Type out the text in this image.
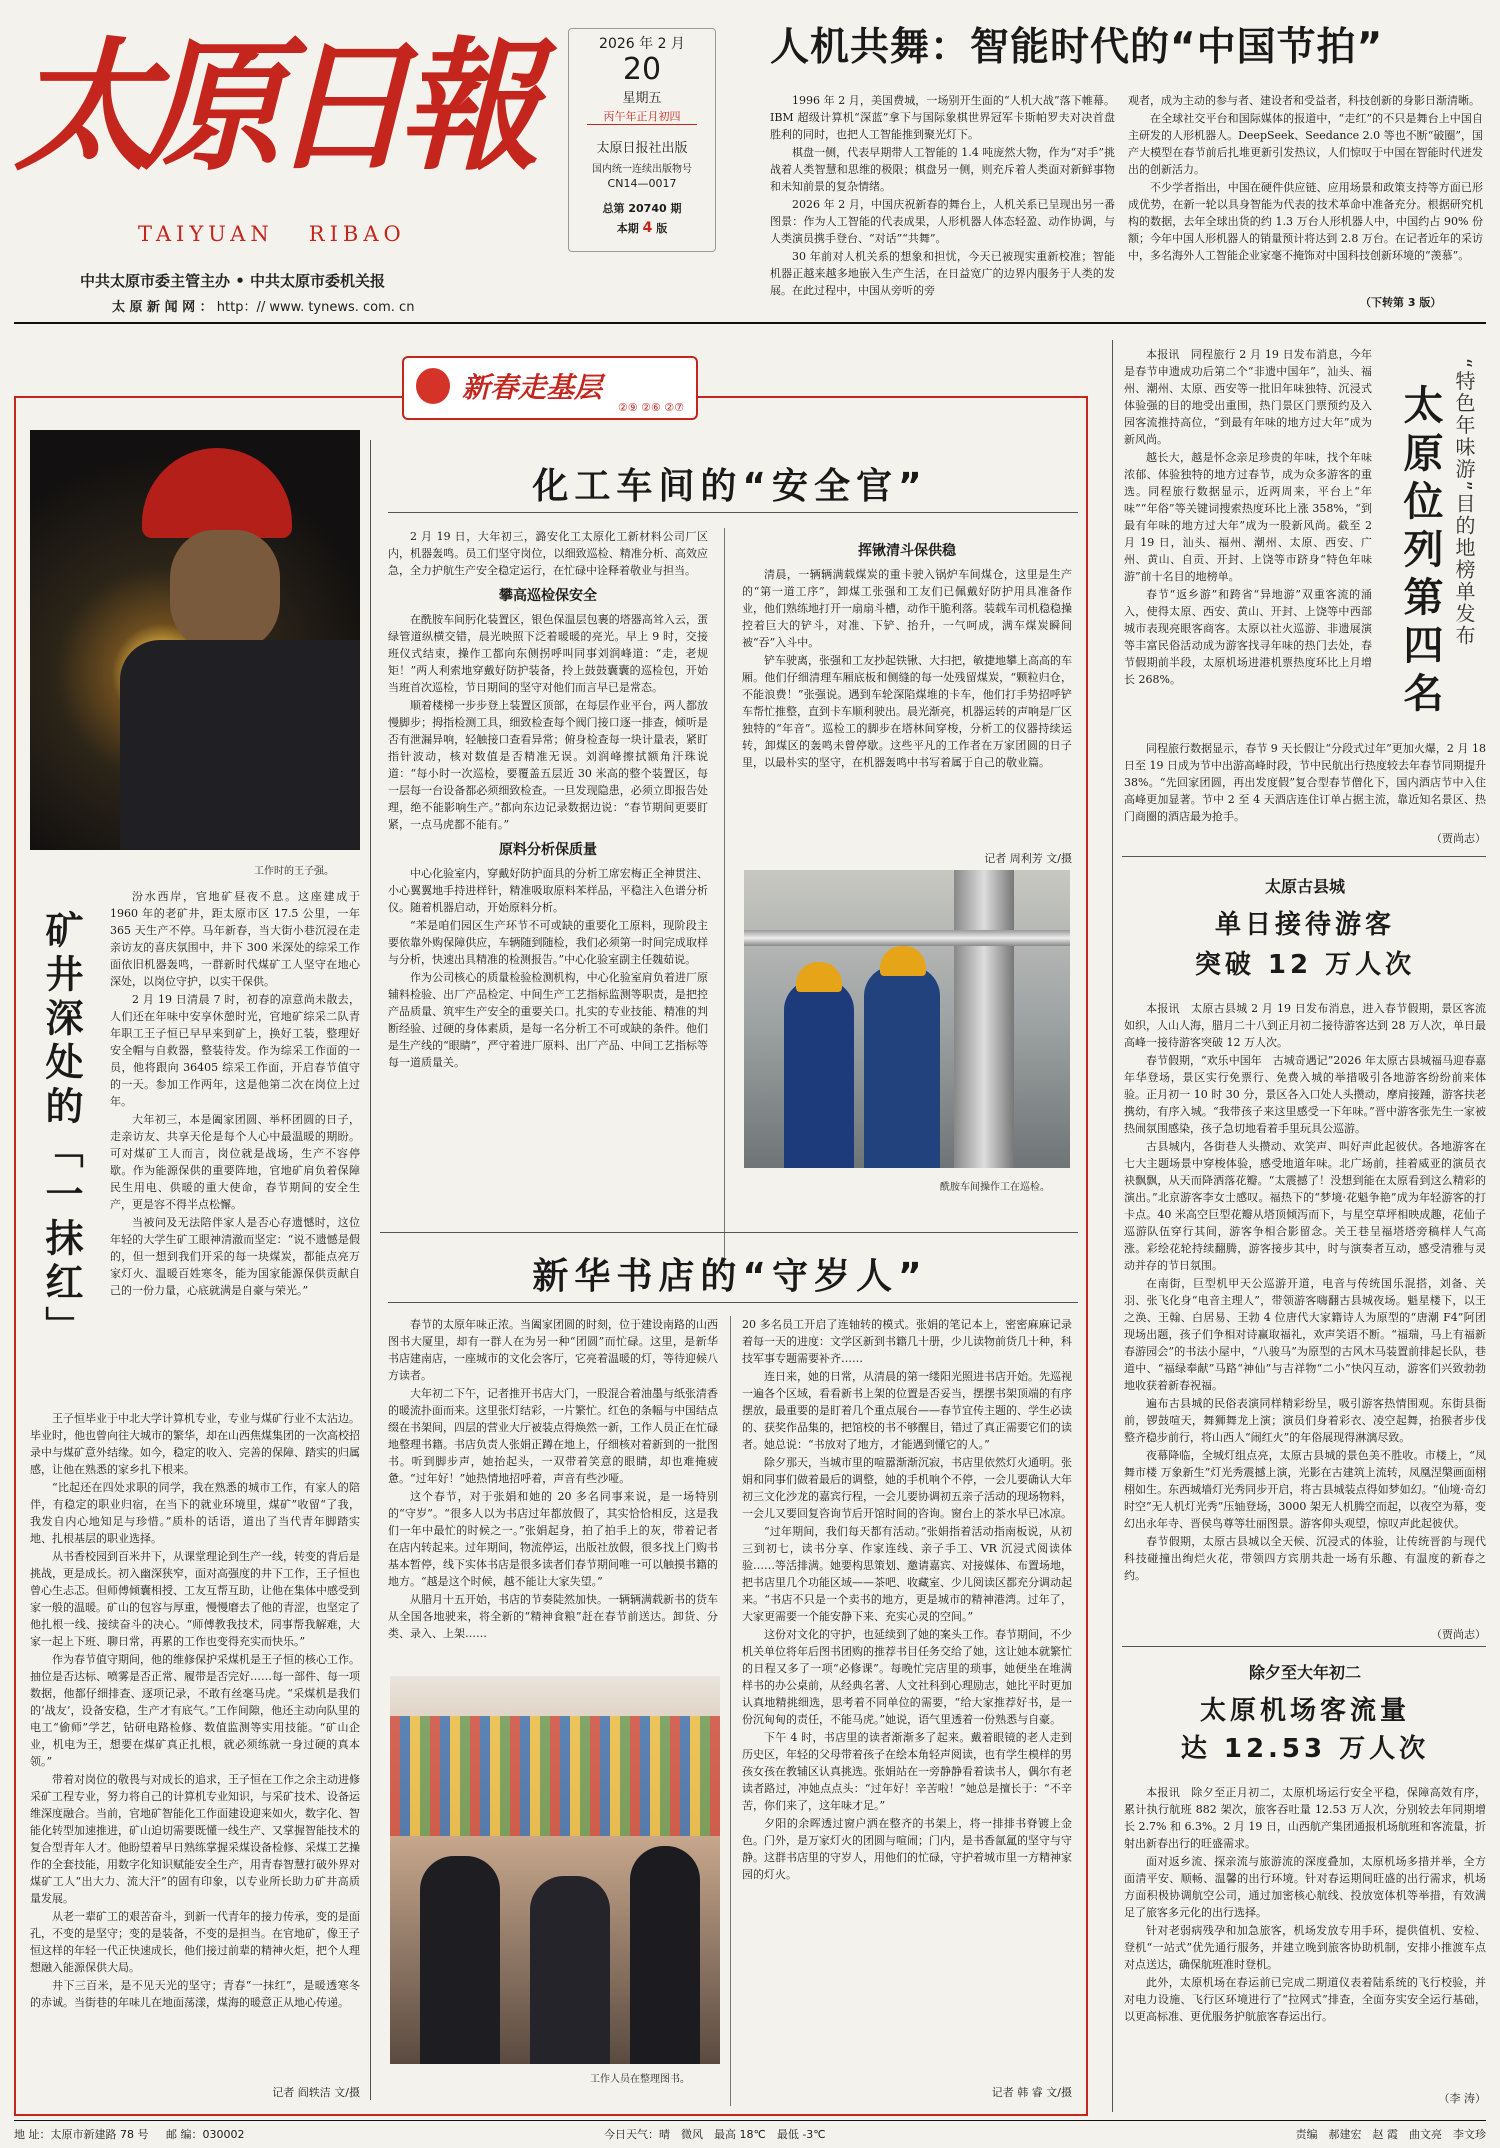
太原日報
TAIYUAN   RIBAO
中共太原市委主管主办 • 中共太原市委机关报
太 原 新 闻 网 ： http：// www. tynews. com. cn
2026 年 2 月
20
星期五
丙午年正月初四
太原日报社出版
国内统一连续出版物号
CN14—0017
总第 20740 期
本期 4 版
人机共舞：智能时代的“中国节拍”

1996 年 2 月，美国费城，一场别开生面的“人机大战”落下帷幕。IBM 超级计算机“深蓝”拿下与国际象棋世界冠军卡斯帕罗夫对决首盘胜利的同时，也把人工智能推到聚光灯下。

棋盘一侧，代表早期带人工智能的 1.4 吨庞然大物，作为“对手”挑战着人类智慧和思维的极限；棋盘另一侧，则充斥着人类面对新鲜事物和未知前景的复杂情绪。

2026 年 2 月，中国庆祝新春的舞台上，人机关系已呈现出另一番图景：作为人工智能的代表成果，人形机器人体态轻盈、动作协调，与人类演员携手登台、“对话”“共舞”。

30 年前对人机关系的想象和担忧，今天已被现实重新校准；智能机器正越来越多地嵌入生产生活，在日益宽广的边界内服务于人类的发展。在此过程中，中国从旁听的旁

观者，成为主动的参与者、建设者和受益者，科技创新的身影日渐清晰。

在全球社交平台和国际媒体的报道中，“走红”的不只是舞台上中国自主研发的人形机器人。DeepSeek、Seedance 2.0 等也不断“破圈”，国产大模型在春节前后扎堆更新引发热议，人们惊叹于中国在智能时代迸发出的创新活力。

不少学者指出，中国在硬件供应链、应用场景和政策支持等方面已形成优势，在新一轮以具身智能为代表的技术革命中准备充分。根据研究机构的数据，去年全球出货的约 1.3 万台人形机器人中，中国约占 90% 份额；今年中国人形机器人的销量预计将达到 2.8 万台。在记者近年的采访中，多名海外人工智能企业家毫不掩饰对中国科技创新环境的“羡慕”。

（下转第 3 版）
新春走基层
②⑨ ②⑥ ②⑦
工作时的王子强。
矿井深处的「一抹红」

汾水西岸，官地矿昼夜不息。这座建成于 1960 年的老矿井，距太原市区 17.5 公里，一年 365 天生产不停。马年新春，当大街小巷沉浸在走亲访友的喜庆氛围中，井下 300 米深处的综采工作面依旧机器轰鸣，一群新时代煤矿工人坚守在地心深处，以岗位守护，以实干保供。

2 月 19 日清晨 7 时，初春的凉意尚未散去，人们还在年味中安享休憩时光，官地矿综采二队青年职工王子恒已早早来到矿上，换好工装，整理好安全帽与自救器，整装待发。作为综采工作面的一员，他将跟向 36405 综采工作面，开启春节值守的一天。参加工作两年，这是他第二次在岗位上过年。

大年初三，本是阖家团圆、举杯团圆的日子，走亲访友、共享天伦是每个人心中最温暖的期盼。可对煤矿工人而言，岗位就是战场，生产不容停歇。作为能源保供的重要阵地，官地矿肩负着保障民生用电、供暖的重大使命，春节期间的安全生产，更是容不得半点松懈。

当被问及无法陪伴家人是否心存遗憾时，这位年轻的大学生矿工眼神清澈而坚定：“说不遗憾是假的，但一想到我们开采的每一块煤炭，都能点亮万家灯火、温暖百姓寒冬，能为国家能源保供贡献自己的一份力量，心底就满是自豪与荣光。”

王子恒毕业于中北大学计算机专业，专业与煤矿行业不太沾边。毕业时，他也曾向往大城市的繁华，却在山西焦煤集团的一次高校招录中与煤矿意外结缘。如今，稳定的收入、完善的保障、踏实的归属感，让他在熟悉的家乡扎下根来。

“比起还在四处求职的同学，我在熟悉的城市工作，有家人的陪伴，有稳定的职业归宿，在当下的就业环境里，煤矿”收留“了我，我发自内心地知足与珍惜。”质朴的话语，道出了当代青年脚踏实地、扎根基层的职业选择。

从书香校园到百米井下，从课堂理论到生产一线，转变的背后是挑战，更是成长。初入幽深狭窄，面对高强度的井下工作，王子恒也曾心生忐忑。但师傅倾囊相授、工友互帮互助，让他在集体中感受到家一般的温暖。矿山的包容与厚重，慢慢磨去了他的青涩，也坚定了他扎根一线、接续奋斗的决心。“师傅教我技术，同事帮我解难，大家一起上下班、聊日常，再累的工作也变得充实而快乐。”

作为春节值守期间，他的维修保护采煤机是王子恒的核心工作。抽位是否达标、喷雾是否正常、履带是否完好……每一部件、每一项数据，他都仔细排查、逐项记录，不敢有丝毫马虎。“采煤机是我们的‘战友’，设备安稳，生产才有底气。”工作间隙，他还主动向队里的电工“偷师”学艺，钻研电路检修、数值监测等实用技能。“矿山企业，机电为王，想要在煤矿真正扎根，就必须练就一身过硬的真本领。”

带着对岗位的敬畏与对成长的追求，王子恒在工作之余主动进修采矿工程专业，努力将自己的计算机专业知识，与采矿技术、设备运维深度融合。当前，官地矿智能化工作面建设迎来如火，数字化、智能化转型加速推进，矿山迫切需要既懂一线生产、又掌握智能技术的复合型青年人才。他盼望着早日熟练掌握采煤设备检修、采煤工艺操作的全套技能，用数字化知识赋能安全生产，用青春智慧打破外界对煤矿工人“出大力、流大汗”的固有印象，以专业所长助力矿井高质量发展。

从老一辈矿工的艰苦奋斗，到新一代青年的接力传承，变的是面孔，不变的是坚守；变的是装备，不变的是担当。在官地矿，像王子恒这样的年轻一代正快速成长，他们接过前辈的精神火炬，把个人理想融入能源保供大局。

井下三百米，是不见天光的坚守；青春“一抹红”，是暖透寒冬的赤诚。当街巷的年味儿在地面荡漾，煤海的暖意正从地心传递。

记者 阎轶洁 文/摄
化工车间的“安全官”

2 月 19 日，大年初三，潞安化工太原化工新材料公司厂区内，机器轰鸣。员工们坚守岗位，以细致巡检、精准分析、高效应急，全力护航生产安全稳定运行，在忙碌中诠释着敬业与担当。

攀高巡检保安全

在酰胺车间肟化装置区，银色保温层包裹的塔器高耸入云，蛋绿管道纵横交错，晨光映照下泛着暖暖的亮光。早上 9 时，交接班仪式结束，操作工都向东侧拐呼叫同事刘润峰道：“走，老规矩！”两人利索地穿戴好防护装备，拎上鼓鼓囊囊的巡检包，开始当班首次巡检，节日期间的坚守对他们而言早已是常态。

顺着楼梯一步步登上装置区顶部，在每层作业平台，两人都放慢脚步；拇指检测工具，细致检查每个阀门接口逐一排查，倾听是否有泄漏异响，轻触接口查看异常；俯身检查每一块计量表，紧盯指针波动，核对数值是否精准无误。刘润峰擦拭额角汗珠说道：“每小时一次巡检，要覆盖五层近 30 米高的整个装置区，每一层每一台设备都必须细致检查。一旦发现隐患，必须立即报告处理，绝不能影响生产。”都向东边记录数据边说：“春节期间更要盯紧，一点马虎都不能有。”

原料分析保质量

中心化验室内，穿戴好防护面具的分析工席宏梅正全神贯注、小心翼翼地手持进样针，精准吸取原料苯样品，平稳注入色谱分析仪。随着机器启动，开始原料分析。

“苯是咱们园区生产环节不可或缺的重要化工原料，现阶段主要依靠外购保障供应，车辆随到随检，我们必须第一时间完成取样与分析，快速出具精准的检测报告。”中心化验室副主任魏茹说。

作为公司核心的质量检验检测机构，中心化验室肩负着进厂原辅料检验、出厂产品检定、中间生产工艺指标监测等职责，是把控产品质量、筑牢生产安全的重要关口。扎实的专业技能、精准的判断经验、过硬的身体素质，是每一名分析工不可或缺的条件。他们是生产线的“眼睛”，严守着进厂原料、出厂产品、中间工艺指标等每一道质量关。

挥锹清斗保供稳

清晨，一辆辆满载煤炭的重卡驶入锅炉车间煤仓，这里是生产的“第一道工序”，卸煤工张强和工友们已佩戴好防护用具准备作业，他们熟练地打开一扇扇斗槽，动作干脆利落。装载车司机稳稳操控着巨大的铲斗，对准、下铲、抬升，一气呵成，满车煤炭瞬间被“吞”入斗中。

铲车驶离，张强和工友抄起铁锹、大扫把，敏捷地攀上高高的车厢。他们仔细清理车厢底板和侧缝的每一处残留煤炭，“颗粒归仓，不能浪费！”张强说。遇到车轮深陷煤堆的卡车，他们打手势招呼铲车帮忙推整，直到卡车顺利驶出。晨光渐亮，机器运转的声响是厂区独特的“年音”。巡检工的脚步在塔林间穿梭，分析工的仪器持续运转，卸煤区的轰鸣未曾停歇。这些平凡的工作者在万家团圆的日子里，以最朴实的坚守，在机器轰鸣中书写着属于自己的敬业篇。

记者 周利芳 文/摄
酰胺车间操作工在巡检。
新华书店的“守岁人”

春节的太原年味正浓。当阖家团圆的时刻，位于建设南路的山西图书大厦里，却有一群人在为另一种“团圆”而忙碌。这里，是新华书店建南店，一座城市的文化会客厅，它亮着温暖的灯，等待迎候八方读者。

大年初二下午，记者推开书店大门，一股混合着油墨与纸张清香的暖流扑面而来。这里张灯结彩，一片繁忙。红色的条幅与中国结点缀在书架间，四层的营业大厅被装点得焕然一新，工作人员正在忙碌地整理书籍。书店负责人张娟正蹲在地上，仔细核对着新到的一批图书。听到脚步声，她抬起头，一双带着笑意的眼睛，却也难掩疲惫。“过年好！”她热情地招呼着，声音有些沙哑。

这个春节，对于张娟和她的 20 多名同事来说，是一场特别的“守岁”。“很多人以为书店过年都放假了，其实恰恰相反，这是我们一年中最忙的时候之一。”张娟起身，拍了拍手上的灰，带着记者在店内转起来。过年期间，物流停运，出版社放假，很多找上门购书基本暂停，线下实体书店是很多读者们春节期间唯一可以触摸书籍的地方。“越是这个时候，越不能让大家失望。”

从腊月十五开始，书店的节奏陡然加快。一辆辆满载新书的货车从全国各地驶来，将全新的“精神食粮”赶在春节前送达。卸货、分类、录入、上架……

20 多名员工开启了连轴转的模式。张娟的笔记本上，密密麻麻记录着每一天的进度：文学区新到书籍几十册，少儿读物前货几十种，科技军事专题需要补齐……

连日来，她的日常，从清晨的第一缕阳光照进书店开始。先巡视一遍各个区域，看看新书上架的位置是否妥当，摆摆书架顶端的有序摆放，最重要的是盯着几个重点展台——春节宜传主题的、学生必读的、获奖作品集的，把馆校的书不够醒目，错过了真正需要它们的读者。她总说：“书放对了地方，才能遇到懂它的人。”

除夕那天，当城市里的喧嚣渐渐沉寂，书店里依然灯火通明。张娟和同事们做着最后的调整，她的手机响个不停，一会儿要确认大年初三文化沙龙的嘉宾行程，一会儿要协调初五亲子活动的现场物料，一会儿又要回复咨询节后开馆时间的咨询。窗台上的茶水早已冰凉。

“过年期间，我们每天都有活动。”张娟指着活动指南板说，从初三到初七，读书分享、作家连线、亲子手工、VR 沉浸式阅读体验……等活排满。她要构思策划、邀请嘉宾、对接媒体、布置场地，把书店里几个功能区域——茶吧、收藏室、少儿阅读区都充分调动起来。“书店不只是一个卖书的地方，更是城市的精神港湾。过年了，大家更需要一个能安静下来、充实心灵的空间。”

这份对文化的守护，也延续到了她的案头工作。春节期间，不少机关单位将年后图书团购的推荐书目任务交给了她，这让她本就繁忙的日程又多了一项“必修课”。每晚忙完店里的琐事，她便坐在堆满样书的办公桌前，从经典名著、人文社科到心理励志，她比平时更加认真地精挑细选，思考着不同单位的需要，“给大家推荐好书，是一份沉甸甸的责任，不能马虎。”她说，语气里透着一份熟悉与自豪。

下午 4 时，书店里的读者渐渐多了起来。戴着眼镜的老人走到历史区，年轻的父母带着孩子在绘本角轻声阅读，也有学生模样的男孩女孩在教辅区认真挑选。张娟站在一旁静静看着读书人，偶尔有老读者路过，冲她点点头：“过年好！辛苦啦！”她总是擅长于：“不辛苦，你们来了，这年味才足。”

夕阳的余晖透过窗户洒在整齐的书架上，将一排排书脊镀上金色。门外，是万家灯火的团圆与喧闹；门内，是书香氤氲的坚守与守静。这群书店里的守岁人，用他们的忙碌，守护着城市里一方精神家园的灯火。

记者 韩 睿 文/摄
工作人员在整理图书。

本报讯　同程旅行 2 月 19 日发布消息，今年是春节申遗成功后第二个“非遗中国年”，汕头、福州、潮州、太原、西安等一批旧年味独特、沉浸式体验强的目的地受出重围，热门景区门票预约及入园客流推持高位，“到最有年味的地方过大年”成为新风尚。

越长大，越是怀念亲足珍贵的年味，找个年味浓郁、体验独特的地方过春节，成为众多游客的重选。同程旅行数据显示，近两周来，平台上“年味”“年俗”等关键词搜索热度环比上涨 358%，“到最有年味的地方过大年”成为一股新风尚。截至 2 月 19 日，汕头、福州、潮州、太原、西安、广州、黄山、自贡、开封、上饶等市跻身“特色年味游”前十名目的地榜单。

春节“返乡游”和跨省“异地游”双重客流的涌入，使得太原、西安、黄山、开封、上饶等中西部城市表现亮眼客商客。太原以社火巡游、非遗展演等丰富民俗活动成为游客找寻年味的热门去处，春节假期前半段，太原机场进港机票热度环比上月增长 268%。

“特色年味游”目的地榜单发布
太原位列第四名

同程旅行数据显示，春节 9 天长假让“分段式过年”更加火爆，2 月 18 日至 19 日成为节中出游高峰时段，节中民航出行热度较去年春节同期提升 38%。“先回家团圆，再出发度假”复合型春节僧化下，国内酒店节中入住高峰更加显著。节中 2 至 4 天酒店连住订单占据主流，靠近知名景区、热门商圈的酒店最为抢手。

（贾尚志）
太原古县城
单日接待游客
突破 12 万人次

本报讯　太原古县城 2 月 19 日发布消息，进入春节假期，景区客流如织，人山人海，腊月二十八到正月初二接待游客达到 28 万人次，单日最高峰一接待游客突破 12 万人次。

春节假期，“欢乐中国年　古城奇遇记”2026 年太原古县城福马迎春嘉年华登场，景区实行免票行、免费入城的举措吸引各地游客纷纷前来体验。正月初一 10 时 30 分，景区各入口处人头攒动，摩肩接踵，游客扶老携幼，有序入城。“我带孩子来这里感受一下年味。”晋中游客张先生一家被热闹氛围感染，孩子急切地看着手里玩具公巡游。

古县城内，各街巷人头攒动、欢笑声、叫好声此起彼伏。各地游客在七大主题场景中穿梭体验，感受地道年味。北广场前，挂着威亚的演员衣袂飘飘，从天而降洒落花瓣。“太震撼了！没想到能在太原看到这么精彩的演出。”北京游客李女士感叹。福热下的“梦境·花魁争艳”成为年轻游客的打卡点。40 米高空巨型花瓣从塔顶倾泻而下，与星空草坪相映成趣，花仙子巡游队伍穿行其间，游客争相合影留念。关王巷呈福塔塔旁稿样人气高涨。彩绘花轮持续翻腾，游客接步其中，时与演奏者互动，感受清雅与灵动并存的节日氛围。

在南街，巨型机甲天公巡游开道，电音与传统国乐混搭，刘备、关羽、张飞化身“电音主理人”，带领游客嗨翻古县城夜场。魁星楼下，以王之涣、王翰、白居易、王勃 4 位唐代大家籍诗人为原型的“唐潮 F4”阿团现场出题，孩子们争相对诗赢取福礼，欢声笑语不断。“福瑞，马上有福新春游园会”的书法小屋中，“八骏马”为原型的古风木马装置前排起长队，巷道中、“福绿奉献”马路“神仙”与吉祥物“二小”快闪互动，游客们兴致勃勃地收获着新春祝福。

遍布古县城的民俗表演同样精彩纷呈，吸引游客热情围观。东街县衙前，锣鼓喧天，舞狮舞龙上演；演员们身着彩衣、凌空起舞，抬猴者步伐整齐稳步前行，将山西人“闹红火”的年俗展现得淋漓尽致。

夜幕降临，全城灯组点亮，太原古县城的景色美不胜收。市楼上，“凤舞市楼 万象新生”灯光秀震撼上演，光影在古建筑上流转，凤凰涅槃画面栩栩如生。东西城墙灯光秀同步开启，将古县城装点得如梦如幻。“仙境·奇幻时空”无人机灯光秀”压轴登场，3000 架无人机腾空而起，以夜空为幕，变幻出永年寺、晋侯鸟尊等壮丽图景。游客仰头观望，惊叹声此起彼伏。

春节假期，太原古县城以全天候、沉浸式的体验，让传统晋韵与现代科技碰撞出绚烂火花，带领四方宾朋共赴一场有乐趣、有温度的新春之约。

（贾尚志）
除夕至大年初二
太原机场客流量
达 12.53 万人次

本报讯　除夕至正月初二，太原机场运行安全平稳，保障高效有序，累计执行航班 882 架次，旅客吞吐量 12.53 万人次，分别较去年同期增长 2.7% 和 6.3%。2 月 19 日，山西航产集团通报机场航班和客流量，折射出新春出行的旺盛需求。

面对返乡流、探亲流与旅游流的深度叠加，太原机场多措并举，全方面清平安、顺畅、温馨的出行环境。针对春运期间旺盛的出行需求，机场方面积极协调航空公司，通过加密核心航线、投放宽体机等举措，有效满足了旅客多元化的出行选择。

针对老弱病残孕和加急旅客，机场发放专用手环，提供值机、安检、登机“一站式”优先通行服务，并建立晚到旅客协助机制，安排小推渡车点对点送达，确保航班准时登机。

此外，太原机场在春运前已完成二期道仪表着陆系统的飞行校验，并对电力设施、飞行区环境进行了“拉网式”排查，全面夯实安全运行基础，以更高标准、更优服务护航旅客春运出行。

（李 涛）
地 址：太原市新建路 78 号 邮 编：030002	今日天气：晴　微风　最高 18℃　最低 -3℃	责编　郝建宏　赵 霞　曲文亮　李文珍
